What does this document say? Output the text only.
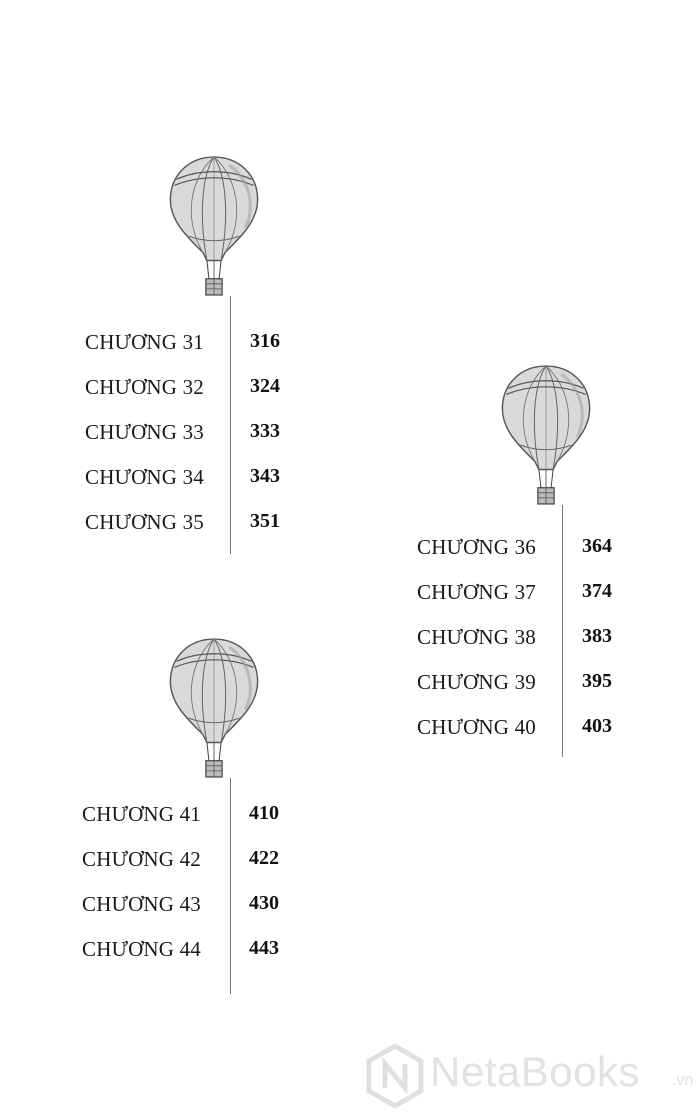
CHƯƠNG 31 316
CHƯƠNG 32 324
CHƯƠNG 33 333
CHƯƠNG 34 343
CHƯƠNG 35 351
CHƯƠNG 36 364
CHƯƠNG 37 374
CHƯƠNG 38 383
CHƯƠNG 39 395
CHƯƠNG 40 403
CHƯƠNG 41 410
CHƯƠNG 42 422
CHƯƠNG 43 430
CHƯƠNG 44 443
NetaBooks .vn
